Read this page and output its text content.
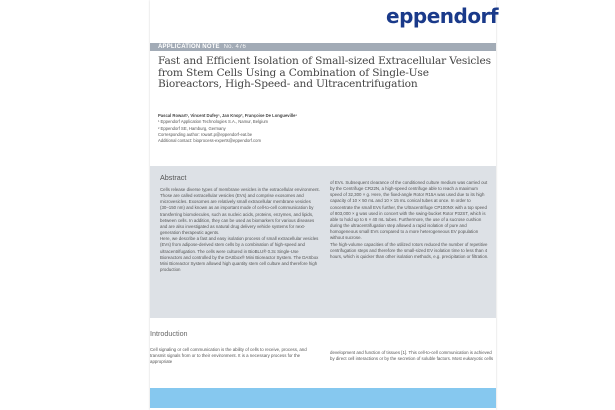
eppendorf
APPLICATION NOTE No. 476
Fast and Efficient Isolation of Small-sized Extracellular Vesicles from Stem Cells Using a Combination of Single-Use Bioreactors, High-Speed- and Ultracentrifugation

Pascal Rowart¹, Vincent Dufey¹, Jan Knop², Françoise De Longueville¹

¹ Eppendorf Application Technologies S.A., Namur, Belgium

² Eppendorf SE, Hamburg, Germany

Corresponding author: rowart.p@eppendorf-eat.be

Additional contact: bioprocess-experts@eppendorf.com

Abstract

Cells release diverse types of membrane vesicles in the extracellular environment. Those are called extracellular vesicles (EVs) and comprise exosomes and microvesicles. Exosomes are relatively small extracellular membrane vesicles (30–150 nm) and known as an important mode of cell-to-cell communication by transferring biomolecules, such as nucleic acids, proteins, enzymes, and lipids, between cells. In addition, they can be used as biomarkers for various diseases and are also investigated as natural drug delivery vehicle systems for next-generation therapeutic agents.

Here, we describe a fast and easy isolation process of small extracellular vesicles (EVs) from adipose-derived stem cells by a combination of high-speed and ultracentrifugation. The cells were cultured in BioBLU® 0.3c Single-Use Bioreactors and controlled by the DASbox® Mini Bioreactor System. The DASbox Mini Bioreactor System allowed high quantity stem cell culture and therefore high production

of EVs. Subsequent clearance of the conditioned culture medium was carried out by the Centrifuge CR22N, a high-speed centrifuge able to reach a maximum speed of 32,300 × g. Here, the fixed-angle Rotor R15A was used due to its high capacity of 10 × 50 mL and 10 × 15 mL conical tubes at once. In order to concentrate the small EVs further, the Ultracentrifuge CP100NX with a top speed of 803,000 × g was used in concert with the swing-bucket Rotor P32ST, which is able to hold up to 6 × 40 mL tubes. Furthermore, the use of a sucrose cushion during the ultracentrifugation step allowed a rapid isolation of pure and homogeneous small EVs compared to a more heterogeneous EV population without sucrose.

The high-volume capacities of the utilized rotors reduced the number of repetitive centrifugation steps and therefore the small-sized EV isolation time to less than 4 hours, which is quicker than other isolation methods, e.g. precipitation or filtration.

Introduction
Cell signaling or cell communication is the ability of cells to receive, process, and transmit signals from or to their environment. It is a necessary process for the appropriate
development and function of tissues [1]. This cell-to-cell communication is achieved by direct cell interactions or by the secretion of soluble factors. Most eukaryotic cells
